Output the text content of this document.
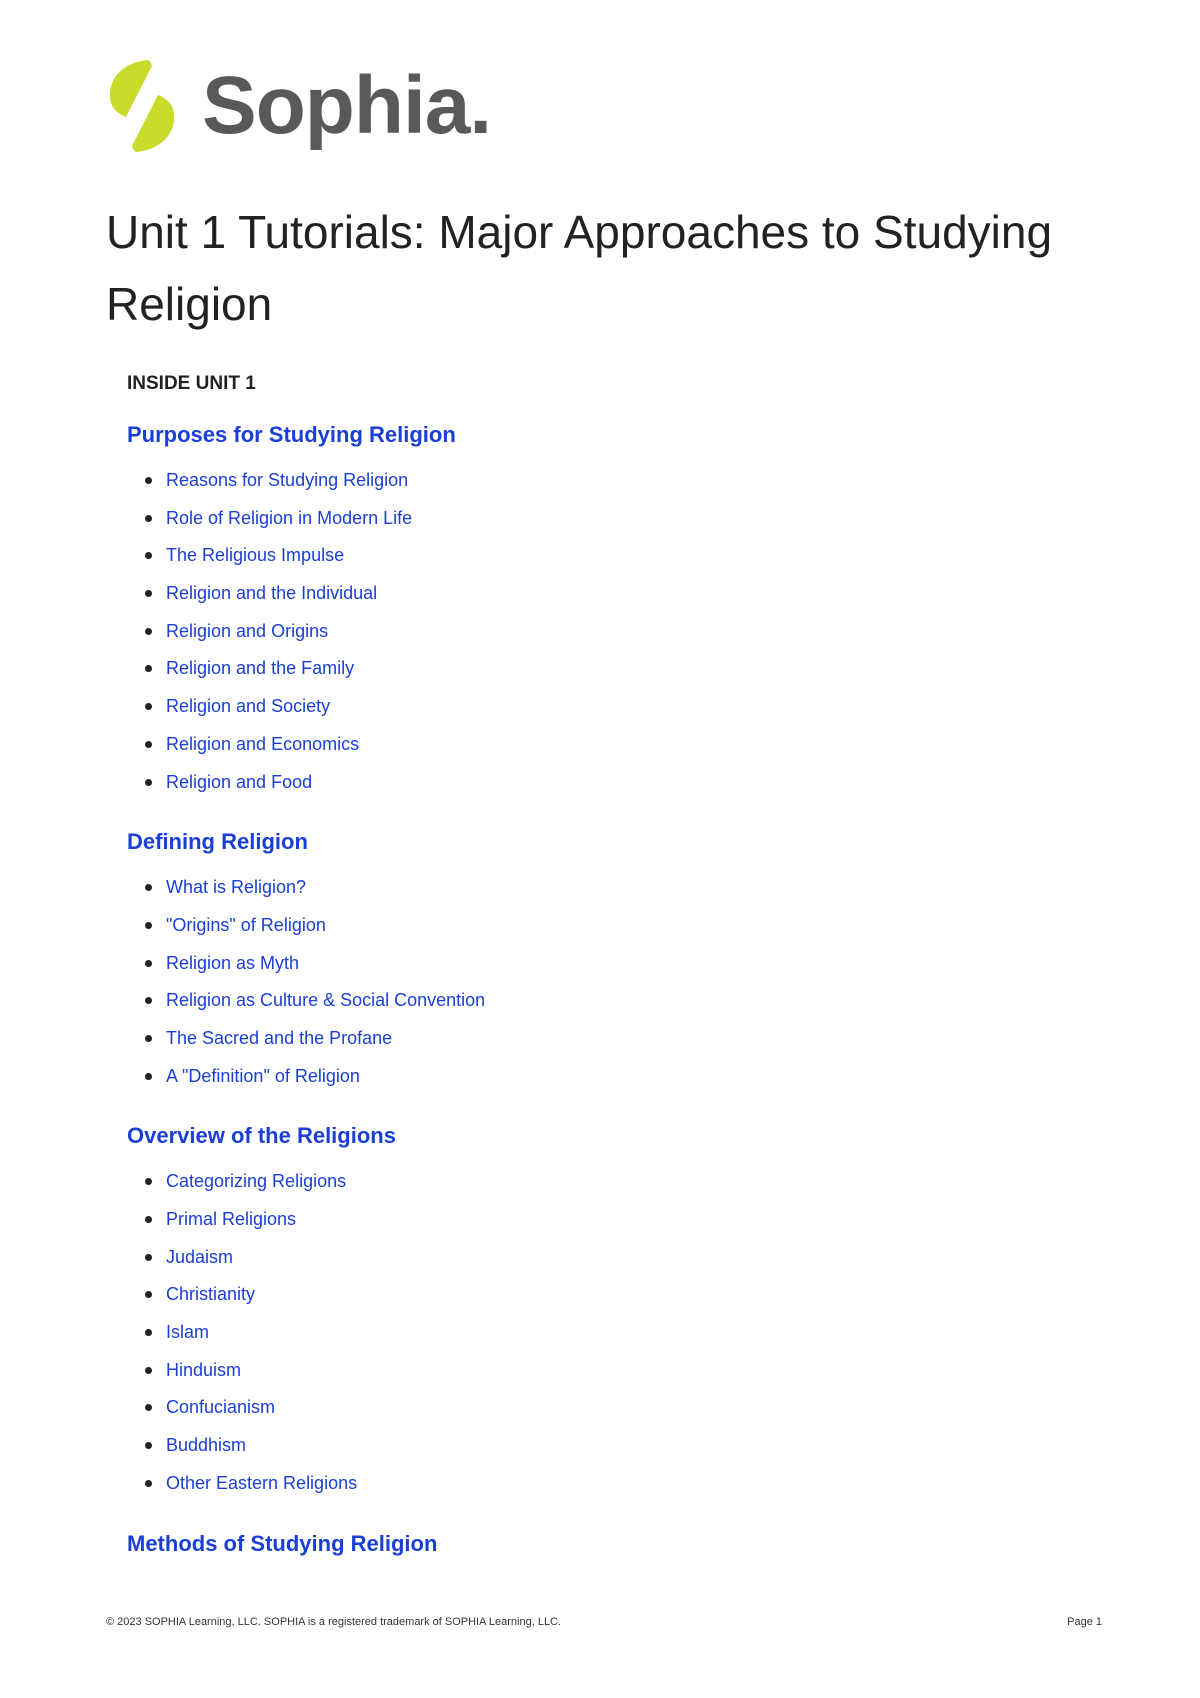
Sophia.
Unit 1 Tutorials: Major Approaches to Studying Religion
INSIDE UNIT 1
Purposes for Studying Religion
Reasons for Studying Religion
Role of Religion in Modern Life
The Religious Impulse
Religion and the Individual
Religion and Origins
Religion and the Family
Religion and Society
Religion and Economics
Religion and Food
Defining Religion
What is Religion?
"Origins" of Religion
Religion as Myth
Religion as Culture & Social Convention
The Sacred and the Profane
A "Definition" of Religion
Overview of the Religions
Categorizing Religions
Primal Religions
Judaism
Christianity
Islam
Hinduism
Confucianism
Buddhism
Other Eastern Religions
Methods of Studying Religion
© 2023 SOPHIA Learning, LLC. SOPHIA is a registered trademark of SOPHIA Learning, LLC.	Page 1
